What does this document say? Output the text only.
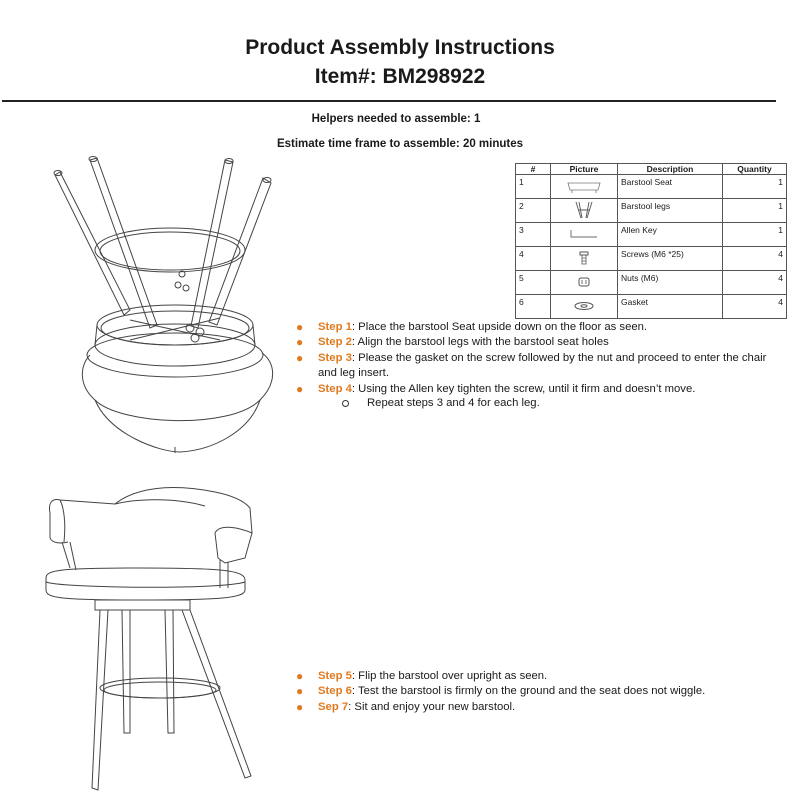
Product Assembly Instructions
Item#: BM298922
Helpers needed to assemble: 1
Estimate time frame to assemble: 20 minutes
#	Picture	Description	Quantity
1		Barstool Seat	1
2		Barstool legs	1
3		Allen Key	1
4		Screws (M6 *25)	4
5		Nuts (M6)	4
6		Gasket	4
● Step 1: Place the barstool Seat upside down on the floor as seen.
● Step 2: Align the barstool legs with the barstool seat holes
● Step 3: Please the gasket on the screw followed by the nut and proceed to enter the chair and leg insert.
● Step 4: Using the Allen key tighten the screw, until it firm and doesn’t move.
Repeat steps 3 and 4 for each leg.
● Step 5: Flip the barstool over upright as seen.
● Step 6: Test the barstool is firmly on the ground and the seat does not wiggle.
● Sep 7: Sit and enjoy your new barstool.
